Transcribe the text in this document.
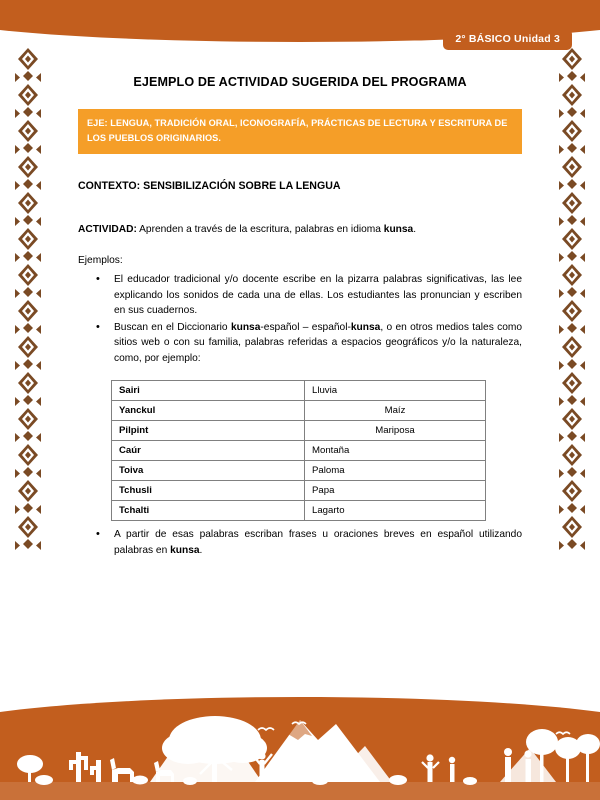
2° BÁSICO Unidad 3
EJEMPLO DE ACTIVIDAD SUGERIDA DEL PROGRAMA
EJE: LENGUA, TRADICIÓN ORAL, ICONOGRAFÍA, PRÁCTICAS DE LECTURA Y ESCRITURA DE LOS PUEBLOS ORIGINARIOS.
CONTEXTO: SENSIBILIZACIÓN SOBRE LA LENGUA
ACTIVIDAD: Aprenden a través de la escritura, palabras en idioma kunsa.
Ejemplos:
• El educador tradicional y/o docente escribe en la pizarra palabras significativas, las lee explicando los sonidos de cada una de ellas. Los estudiantes las pronuncian y escriben en sus cuadernos.
• Buscan en el Diccionario kunsa-español – español-kunsa, o en otros medios tales como sitios web o con su familia, palabras referidas a espacios geográficos y/o la naturaleza, como, por ejemplo:
Sairi	Lluvia
Yanckul	Maíz
Pilpint	Mariposa
Caúr	Montaña
Toiva	Paloma
Tchusli	Papa
Tchalti	Lagarto
• A partir de esas palabras escriban frases u oraciones breves en español utilizando palabras en kunsa.
